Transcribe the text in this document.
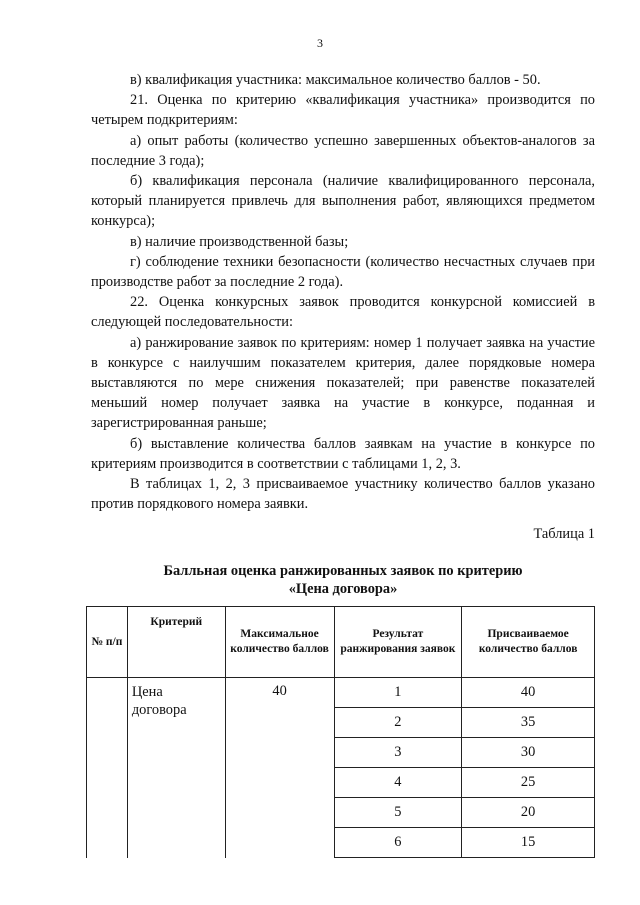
3

в) квалификация участника: максимальное количество баллов - 50.

21. Оценка по критерию «квалификация участника» производится по четырем подкритериям:

а) опыт работы (количество успешно завершенных объектов-аналогов за последние 3 года);

б) квалификация персонала (наличие квалифицированного персонала, который планируется привлечь для выполнения работ, являющихся предметом конкурса);

в) наличие производственной базы;

г) соблюдение техники безопасности (количество несчастных случаев при производстве работ за последние 2 года).

22. Оценка конкурсных заявок проводится конкурсной комиссией в следующей последовательности:

а) ранжирование заявок по критериям: номер 1 получает заявка на участие в конкурсе с наилучшим показателем критерия, далее порядковые номера выставляются по мере снижения показателей; при равенстве показателей меньший номер получает заявка на участие в конкурсе, поданная и зарегистрированная раньше;

б) выставление количества баллов заявкам на участие в конкурсе по критериям производится в соответствии с таблицами 1, 2, 3.

В таблицах 1, 2, 3 присваиваемое участнику количество баллов указано против порядкового номера заявки.

Таблица 1
Балльная оценка ранжированных заявок по критерию
«Цена договора»
№ п/п	Критерий	Максимальное количество баллов	Результат ранжирования заявок	Присваиваемое количество баллов
	Цена договора	40	1	40
			2	35
			3	30
			4	25
			5	20
			6	15
